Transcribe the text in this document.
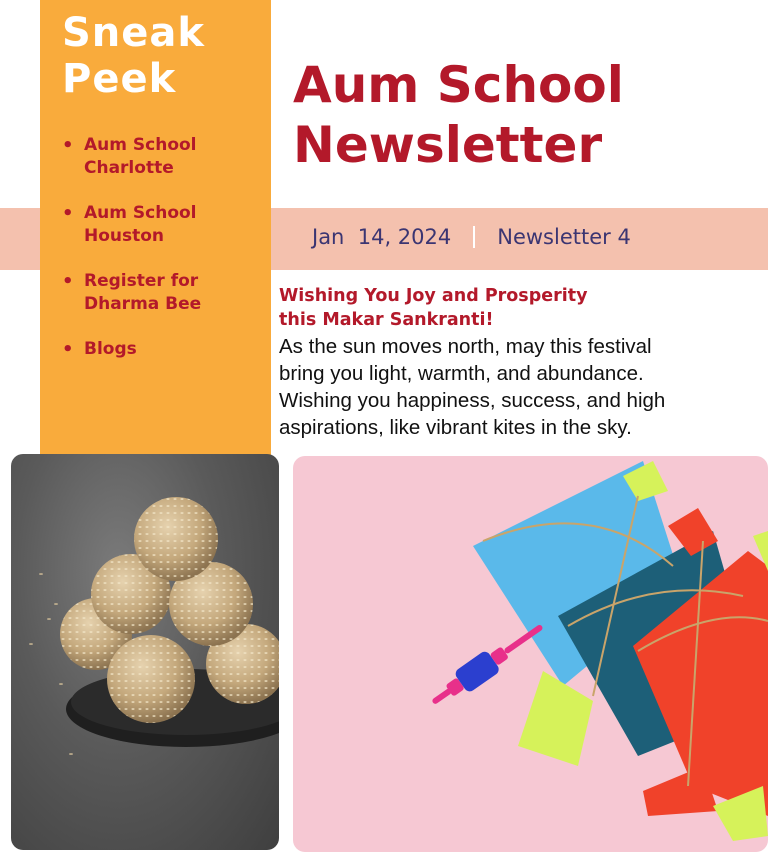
Sneak
Peek
• Aum School
Charlotte
• Aum School
Houston
• Register for
Dharma Bee
• Blogs
Aum School
Newsletter
Jan  14, 2024 Newsletter 4
Wishing You Joy and Prosperity
this Makar Sankranti!

As the sun moves north, may this festival
bring you light, warmth, and abundance.
Wishing you happiness, success, and high
aspirations, like vibrant kites in the sky.
